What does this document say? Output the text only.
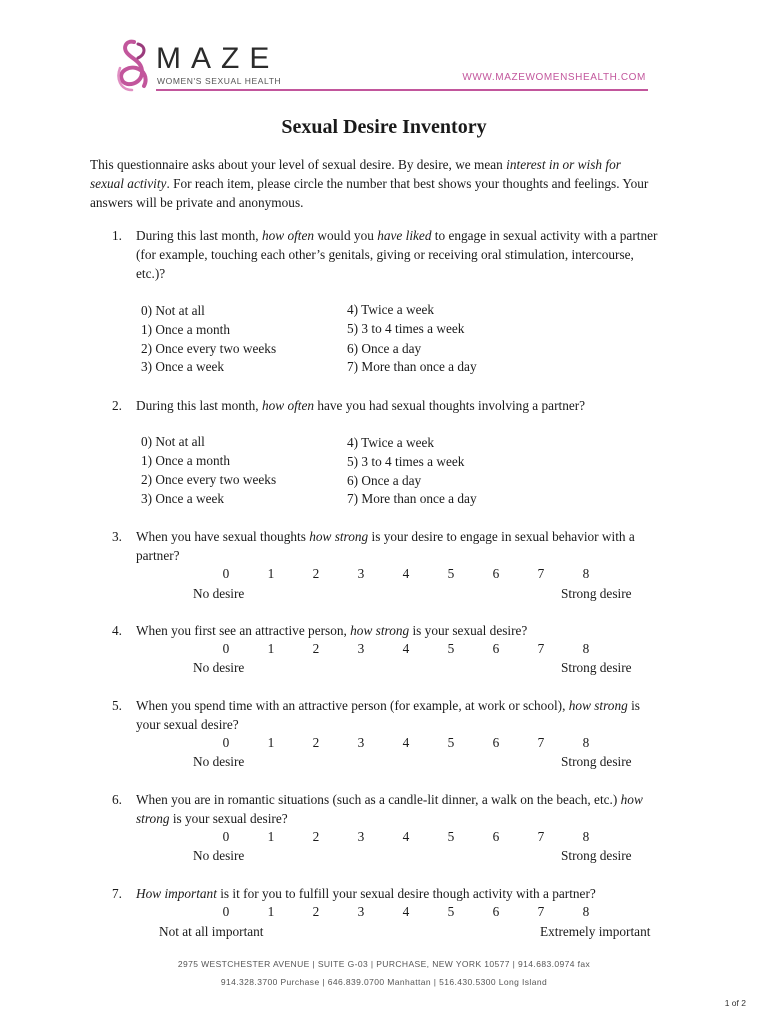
MAZE
WOMEN'S SEXUAL HEALTH	WWW.MAZEWOMENSHEALTH.COM
Sexual Desire Inventory
This questionnaire asks about your level of sexual desire. By desire, we mean interest in or wish for
sexual activity. For reach item, please circle the number that best shows your thoughts and feelings. Your
answers will be private and anonymous.
1.	During this last month, how often would you have liked to engage in sexual activity with a partner
(for example, touching each other’s genitals, giving or receiving oral stimulation, intercourse,
etc.)?
0) Not at all
1) Once a month
2) Once every two weeks
3) Once a week
4) Twice a week
5) 3 to 4 times a week
6) Once a day
7) More than once a day
2.	During this last month, how often have you had sexual thoughts involving a partner?
0) Not at all
1) Once a month
2) Once every two weeks
3) Once a week
4) Twice a week
5) 3 to 4 times a week
6) Once a day
7) More than once a day
3.	When you have sexual thoughts how strong is your desire to engage in sexual behavior with a
partner?
0	1	2	3	4	5	6	7	8
No desire	Strong desire
4.	When you first see an attractive person, how strong is your sexual desire?
0	1	2	3	4	5	6	7	8
No desire	Strong desire
5.	When you spend time with an attractive person (for example, at work or school), how strong is
your sexual desire?
0	1	2	3	4	5	6	7	8
No desire	Strong desire
6.	When you are in romantic situations (such as a candle-lit dinner, a walk on the beach, etc.) how
strong is your sexual desire?
0	1	2	3	4	5	6	7	8
No desire	Strong desire
7.	How important is it for you to fulfill your sexual desire though activity with a partner?
0	1	2	3	4	5	6	7	8
Not at all important	Extremely important
2975 WESTCHESTER AVENUE | SUITE G-03 | PURCHASE, NEW YORK 10577 | 914.683.0974 fax
914.328.3700 Purchase | 646.839.0700 Manhattan | 516.430.5300 Long Island
1 of 2
